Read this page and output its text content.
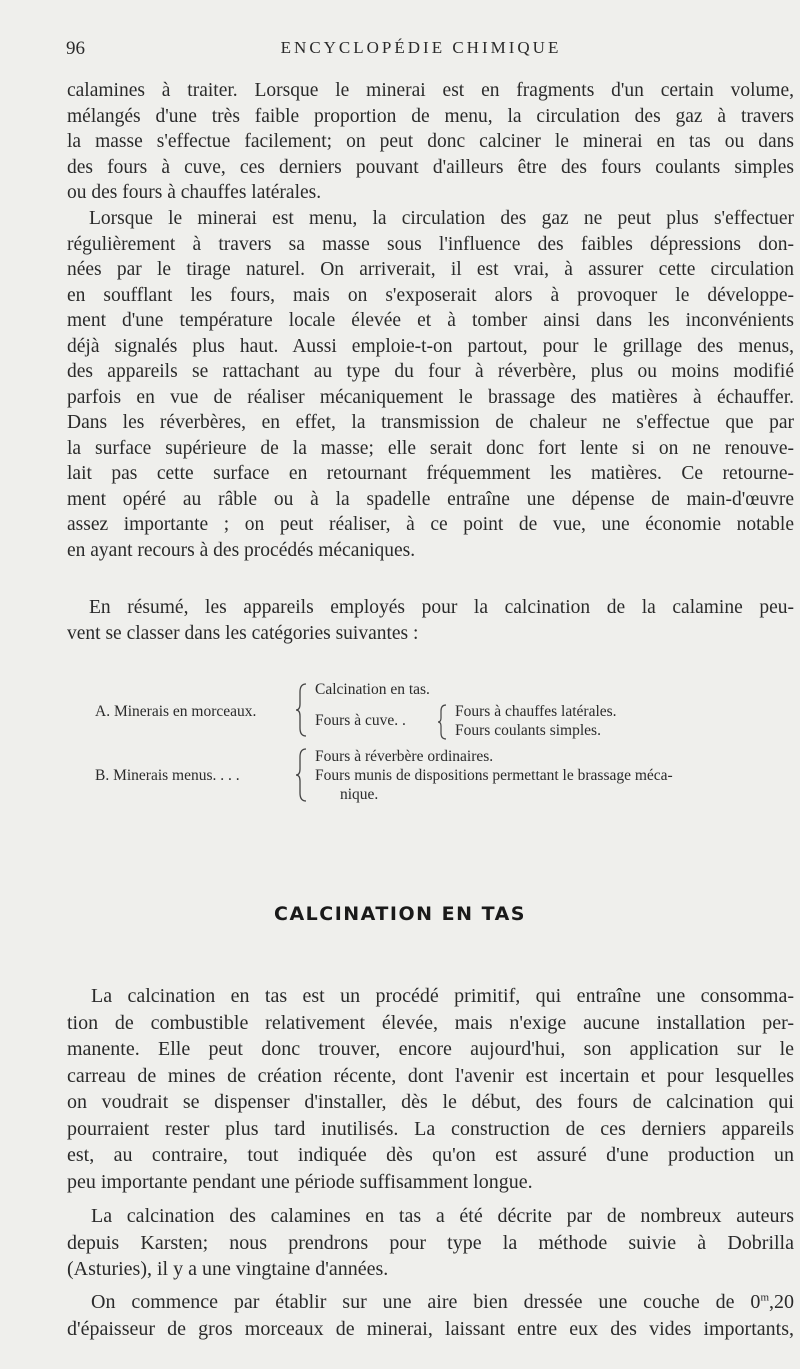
96	ENCYCLOPÉDIE CHIMIQUE
calamines à traiter. Lorsque le minerai est en fragments d'un certain volume,
mélangés d'une très faible proportion de menu, la circulation des gaz à travers
la masse s'effectue facilement; on peut donc calciner le minerai en tas ou dans
des fours à cuve, ces derniers pouvant d'ailleurs être des fours coulants simples
ou des fours à chauffes latérales.
Lorsque le minerai est menu, la circulation des gaz ne peut plus s'effectuer
régulièrement à travers sa masse sous l'influence des faibles dépressions don-
nées par le tirage naturel. On arriverait, il est vrai, à assurer cette circulation
en soufflant les fours, mais on s'exposerait alors à provoquer le développe-
ment d'une température locale élevée et à tomber ainsi dans les inconvénients
déjà signalés plus haut. Aussi emploie-t-on partout, pour le grillage des menus,
des appareils se rattachant au type du four à réverbère, plus ou moins modifié
parfois en vue de réaliser mécaniquement le brassage des matières à échauffer.
Dans les réverbères, en effet, la transmission de chaleur ne s'effectue que par
la surface supérieure de la masse; elle serait donc fort lente si on ne renouve-
lait pas cette surface en retournant fréquemment les matières. Ce retourne-
ment opéré au râble ou à la spadelle entraîne une dépense de main-d'œuvre
assez importante ; on peut réaliser, à ce point de vue, une économie notable
en ayant recours à des procédés mécaniques.
En résumé, les appareils employés pour la calcination de la calamine peu-
vent se classer dans les catégories suivantes :
A. Minerais en morceaux.
Calcination en tas.
Fours à cuve. .
Fours à chauffes latérales.
Fours coulants simples.
B. Minerais menus. . . .
Fours à réverbère ordinaires.
Fours munis de dispositions permettant le brassage méca-
nique.
CALCINATION EN TAS
La calcination en tas est un procédé primitif, qui entraîne une consomma-
tion de combustible relativement élevée, mais n'exige aucune installation per-
manente. Elle peut donc trouver, encore aujourd'hui, son application sur le
carreau de mines de création récente, dont l'avenir est incertain et pour lesquelles
on voudrait se dispenser d'installer, dès le début, des fours de calcination qui
pourraient rester plus tard inutilisés. La construction de ces derniers appareils
est, au contraire, tout indiquée dès qu'on est assuré d'une production un
peu importante pendant une période suffisamment longue.
La calcination des calamines en tas a été décrite par de nombreux auteurs
depuis Karsten; nous prendrons pour type la méthode suivie à Dobrilla
(Asturies), il y a une vingtaine d'années.
On commence par établir sur une aire bien dressée une couche de 0$^m$,20
d'épaisseur de gros morceaux de minerai, laissant entre eux des vides importants,
